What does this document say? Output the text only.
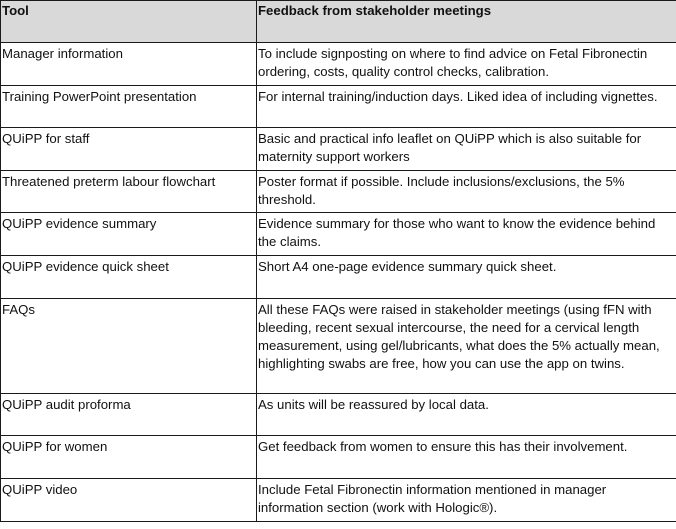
Tool	Feedback from stakeholder meetings
Manager information	To include signposting on where to find advice on Fetal Fibronectin ordering, costs, quality control checks, calibration.
Training PowerPoint presentation	For internal training/induction days. Liked idea of including vignettes.
QUiPP for staff	Basic and practical info leaflet on QUiPP which is also suitable for maternity support workers
Threatened preterm labour flowchart	Poster format if possible. Include inclusions/exclusions, the 5% threshold.
QUiPP evidence summary	Evidence summary for those who want to know the evidence behind the claims.
QUiPP evidence quick sheet	Short A4 one-page evidence summary quick sheet.
FAQs	All these FAQs were raised in stakeholder meetings (using fFN with bleeding, recent sexual intercourse, the need for a cervical length measurement, using gel/lubricants, what does the 5% actually mean, highlighting swabs are free, how you can use the app on twins.
QUiPP audit proforma	As units will be reassured by local data.
QUiPP for women	Get feedback from women to ensure this has their involvement.
QUiPP video	Include Fetal Fibronectin information mentioned in manager information section (work with Hologic®).
